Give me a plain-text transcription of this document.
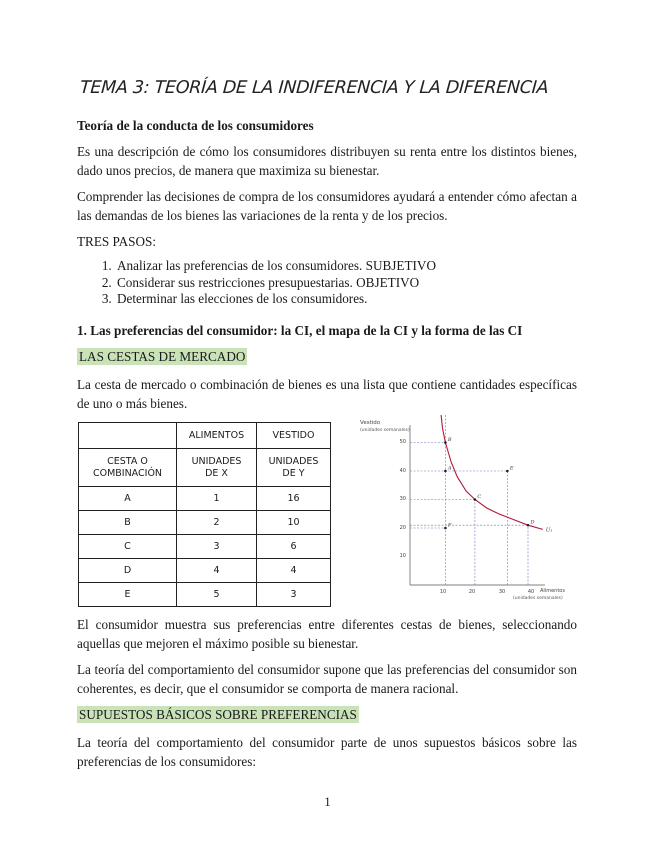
TEMA 3: TEORÍA DE LA INDIFERENCIA Y LA DIFERENCIA
Teoría de la conducta de los consumidores
Es una descripción de cómo los consumidores distribuyen su renta entre los distintos bienes, dado unos precios, de manera que maximiza su bienestar.
Comprender las decisiones de compra de los consumidores ayudará a entender cómo afectan a las demandas de los bienes las variaciones de la renta y de los precios.
TRES PASOS:
1. Analizar las preferencias de los consumidores. SUBJETIVO
2. Considerar sus restricciones presupuestarias. OBJETIVO
3. Determinar las elecciones de los consumidores.
1. Las preferencias del consumidor: la CI, el mapa de la CI y la forma de las CI
LAS CESTAS DE MERCADO
La cesta de mercado o combinación de bienes es una lista que contiene cantidades específicas de uno o más bienes.
	ALIMENTOS	VESTIDO

CESTA O COMBINACIÓN	UNIDADES DE X	UNIDADES DE Y

A	1	16
B	2	10
C	3	6
D	4	4
E	5	3
Vestido
(unidades semanales)
50
40
30
20
10
10	20	30	40 Alimentos
(unidades semanales)
U₁
B
A	E
C
D
F
El consumidor muestra sus preferencias entre diferentes cestas de bienes, seleccionando aquellas que mejoren el máximo posible su bienestar.
La teoría del comportamiento del consumidor supone que las preferencias del consumidor son coherentes, es decir, que el consumidor se comporta de manera racional.
SUPUESTOS BÁSICOS SOBRE PREFERENCIAS
La teoría del comportamiento del consumidor parte de unos supuestos básicos sobre las preferencias de los consumidores:
1
